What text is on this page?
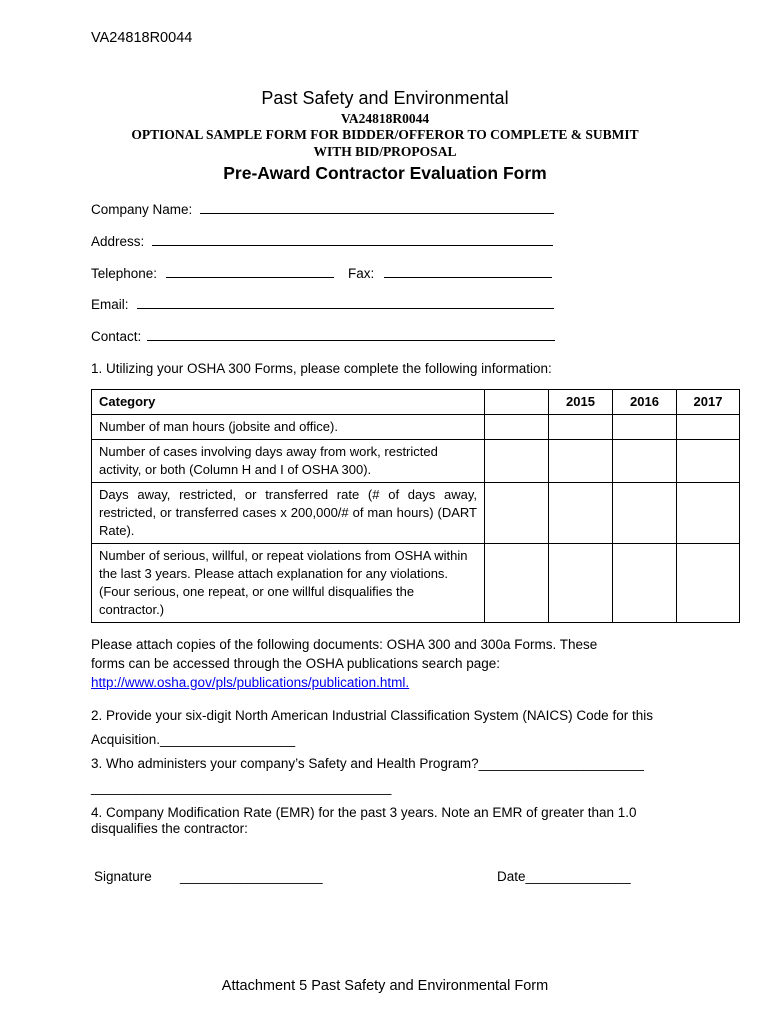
VA24818R0044
Past Safety and Environmental
VA24818R0044
OPTIONAL SAMPLE FORM FOR BIDDER/OFFEROR TO COMPLETE & SUBMIT
WITH BID/PROPOSAL
Pre-Award Contractor Evaluation Form
Company Name:
Address:
Telephone:	Fax:
Email:
Contact:
1. Utilizing your OSHA 300 Forms, please complete the following information:
Category		2015	2016	2017
Number of man hours (jobsite and office).				
Number of cases involving days away from work, restricted activity, or both (Column H and I of OSHA 300).				
Days away, restricted, or transferred rate (# of days away, restricted, or transferred cases x 200,000/# of man hours) (DART Rate).				
Number of serious, willful, or repeat violations from OSHA within the last 3 years. Please attach explanation for any violations. (Four serious, one repeat, or one willful disqualifies the contractor.)				
Please attach copies of the following documents: OSHA 300 and 300a Forms. These
forms can be accessed through the OSHA publications search page:
http://www.osha.gov/pls/publications/publication.html.
2. Provide your six-digit North American Industrial Classification System (NAICS) Code for this
Acquisition.__________________
3. Who administers your company’s Safety and Health Program?______________________
________________________________________
4. Company Modification Rate (EMR) for the past 3 years. Note an EMR of greater than 1.0
disqualifies the contractor:
Signature ___________________	Date______________
Attachment 5 Past Safety and Environmental Form
